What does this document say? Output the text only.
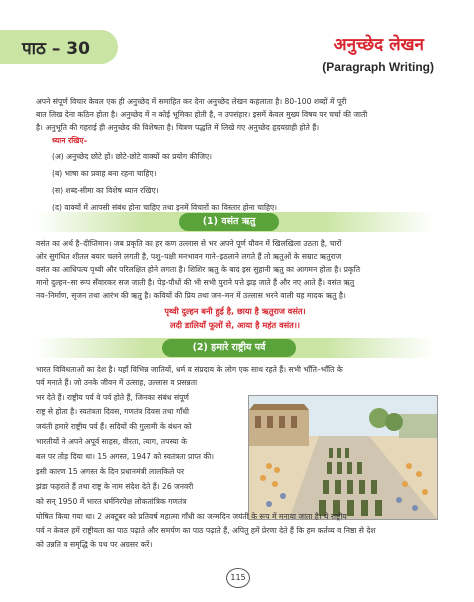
पाठ – 30	अनुच्छेद लेखन
(Paragraph Writing)

अपने संपूर्ण विचार केवल एक ही अनुच्छेद में समाहित कर देना अनुच्छेद लेखन कहलाता है। 80-100 शब्दों में पूरी

बात लिख देना कठिन होता है। अनुच्छेद में न कोई भूमिका होती है, न उपसंहार। इसमें केवल मुख्य विषय पर चर्चा की जाती

है। अनुभूति की गहराई ही अनुच्छेद की विशेषता है। चित्रण पद्धति में लिखे गए अनुच्छेद हृदयग्राही होते हैं।

ध्यान रखिए–
(अ) अनुच्छेद छोटे हों। छोटे-छोटे वाक्यों का प्रयोग कीजिए।
(ब) भाषा का प्रवाह बना रहना चाहिए।
(स) शब्द-सीमा का विशेष ध्यान रखिए।
(द) वाक्यों में आपसी संबंध होना चाहिए तथा इनमें विचारों का विस्तार होना चाहिए।
(1) वसंत ऋतु

वसंत का अर्थ है–दीप्तिमान। जब प्रकृति का हर कण उल्लास से भर अपने पूर्ण यौवन में खिलखिला उठता है, चारों

ओर सुगंधित शीतल बयार चलने लगती है, पशु–पक्षी मनभावन गाने–इठलाने लगते हैं तो ऋतुओं के सम्राट ऋतुराज

वसंत का आधिपत्य पृथ्वी और परिलक्षित होने लगता है। शिशिर ऋतु के बाद इस सुहानी ऋतु का आगमन होता है। प्रकृति

मानो दुल्हन–सा रूप सँवारकर सज जाती है। पेड़-पौधों की भी सभी पुराने पत्ते झड़ जाते हैं और नए आते हैं। वसंत ऋतु

नव–निर्माण, सृजन तथा आरंभ की ऋतु है। कवियों की प्रिय तथा जन–मन में उल्लास भरने वाली यह मादक ऋतु है।

पृथ्वी दुल्हन बनी हुई है, छाया है ऋतुराज वसंत।
लदी डालियाँ फूलों से, आया है महंत वसंत।।
(2) हमारे राष्ट्रीय पर्व

भारत विविधताओं का देश है। यहाँ विभिन्न जातियों, धर्म व संप्रदाय के लोग एक साथ रहते हैं। सभी भाँति–भाँति के

पर्व मनाते हैं। जो उनके जीवन में उत्साह, उल्लास व प्रसन्नता

भर देते हैं। राष्ट्रीय पर्व वे पर्व होते हैं, जिनका संबंध संपूर्ण

राष्ट्र से होता है। स्वतंत्रता दिवस, गणतंत्र दिवस तथा गाँधी

जयंती हमारे राष्ट्रीय पर्व हैं। सदियों की गुलामी के बंधन को

भारतीयों ने अपने अपूर्व साहस, वीरता, त्याग, तपस्या के

बल पर तोड़ दिया था। 15 अगस्त, 1947 को स्वतंत्रता प्राप्त की।

इसी कारण 15 अगस्त के दिन प्रधानमंत्री लालकिले पर

झंडा फहराते हैं तथा राष्ट्र के नाम संदेश देते हैं। 26 जनवरी

को सन् 1950 में भारत धर्मनिरपेक्ष लोकतांत्रिक गणतंत्र

घोषित किया गया था। 2 अक्टूबर को प्रतिवर्ष महात्मा गाँधी का जन्मदिन जयंती के रूप में मनाया जाता है। ये राष्ट्रीय

पर्व न केवल हमें राष्ट्रीयता का पाठ पढ़ाते और समर्पण का पाठ पढ़ाते हैं, अपितु हमें प्रेरणा देते हैं कि हम कर्तव्य व निष्ठा से देश

को उन्नति व समृद्धि के पथ पर अग्रसर करें।

115
